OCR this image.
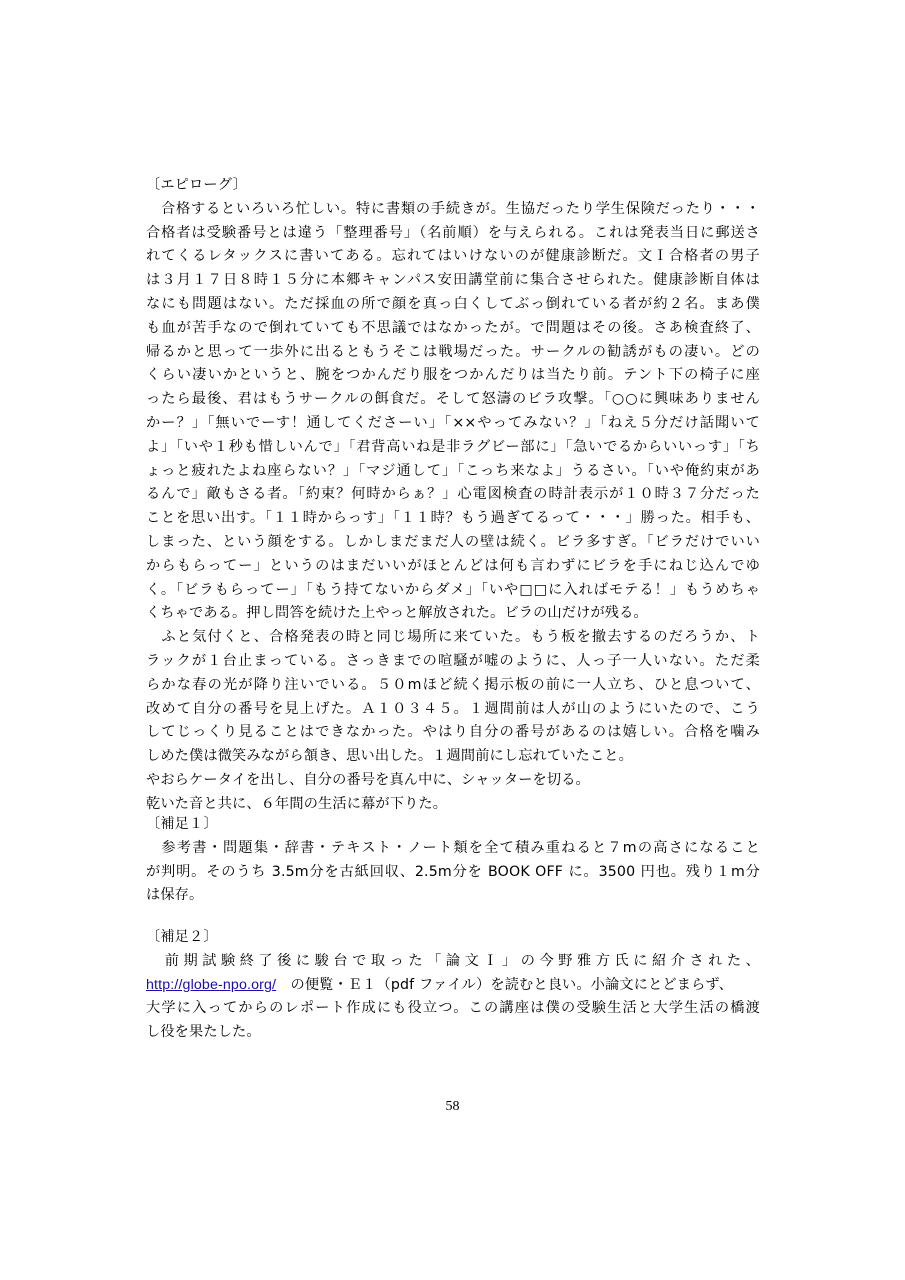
〔エピローグ〕
　合格するといろいろ忙しい。特に書類の手続きが。生協だったり学生保険だったり・・・
合格者は受験番号とは違う「整理番号」（名前順）を与えられる。これは発表当日に郵送さ
れてくるレタックスに書いてある。忘れてはいけないのが健康診断だ。文Ｉ合格者の男子
は３月１７日８時１５分に本郷キャンパス安田講堂前に集合させられた。健康診断自体は
なにも問題はない。ただ採血の所で顔を真っ白くしてぶっ倒れている者が約２名。まあ僕
も血が苦手なので倒れていても不思議ではなかったが。で問題はその後。さあ検査終了、
帰るかと思って一歩外に出るともうそこは戦場だった。サークルの勧誘がもの凄い。どの
くらい凄いかというと、腕をつかんだり服をつかんだりは当たり前。テント下の椅子に座
ったら最後、君はもうサークルの餌食だ。そして怒濤のビラ攻撃。「○○に興味ありません
かー？」「無いでーす！通してくださーい」「××やってみない？」「ねえ５分だけ話聞いて
よ」「いや１秒も惜しいんで」「君背高いね是非ラグビー部に」「急いでるからいいっす」「ち
ょっと疲れたよね座らない？」「マジ通して」「こっち来なよ」うるさい。「いや俺約束があ
るんで」敵もさる者。「約束？何時からぁ？」心電図検査の時計表示が１０時３７分だった
ことを思い出す。「１１時からっす」「１１時？もう過ぎてるって・・・」勝った。相手も、
しまった、という顔をする。しかしまだまだ人の壁は続く。ビラ多すぎ。「ビラだけでいい
からもらってー」というのはまだいいがほとんどは何も言わずにビラを手にねじ込んでゆ
く。「ビラもらってー」「もう持てないからダメ」「いや□□に入ればモテる！」もうめちゃ
くちゃである。押し問答を続けた上やっと解放された。ビラの山だけが残る。
　ふと気付くと、合格発表の時と同じ場所に来ていた。もう板を撤去するのだろうか、ト
ラックが１台止まっている。さっきまでの喧騒が嘘のように、人っ子一人いない。ただ柔
らかな春の光が降り注いでいる。５０mほど続く掲示板の前に一人立ち、ひと息ついて、
改めて自分の番号を見上げた。Ａ１０３４５。１週間前は人が山のようにいたので、こう
してじっくり見ることはできなかった。やはり自分の番号があるのは嬉しい。合格を噛み
しめた僕は微笑みながら頷き、思い出した。１週間前にし忘れていたこと。
やおらケータイを出し、自分の番号を真ん中に、シャッターを切る。
乾いた音と共に、６年間の生活に幕が下りた。
〔補足１〕
　参考書・問題集・辞書・テキスト・ノート類を全て積み重ねると７mの高さになること
が判明。そのうち 3.5m分を古紙回収、2.5m分を BOOK OFF に。3500 円也。残り１m分
は保存。
〔補足２〕
　前期試験終了後に駿台で取った「論文Ｉ」の今野雅方氏に紹介された、
http://globe-npo.org/　の便覧・Ｅ１（pdf ファイル）を読むと良い。小論文にとどまらず、
大学に入ってからのレポート作成にも役立つ。この講座は僕の受験生活と大学生活の橋渡
し役を果たした。
58
